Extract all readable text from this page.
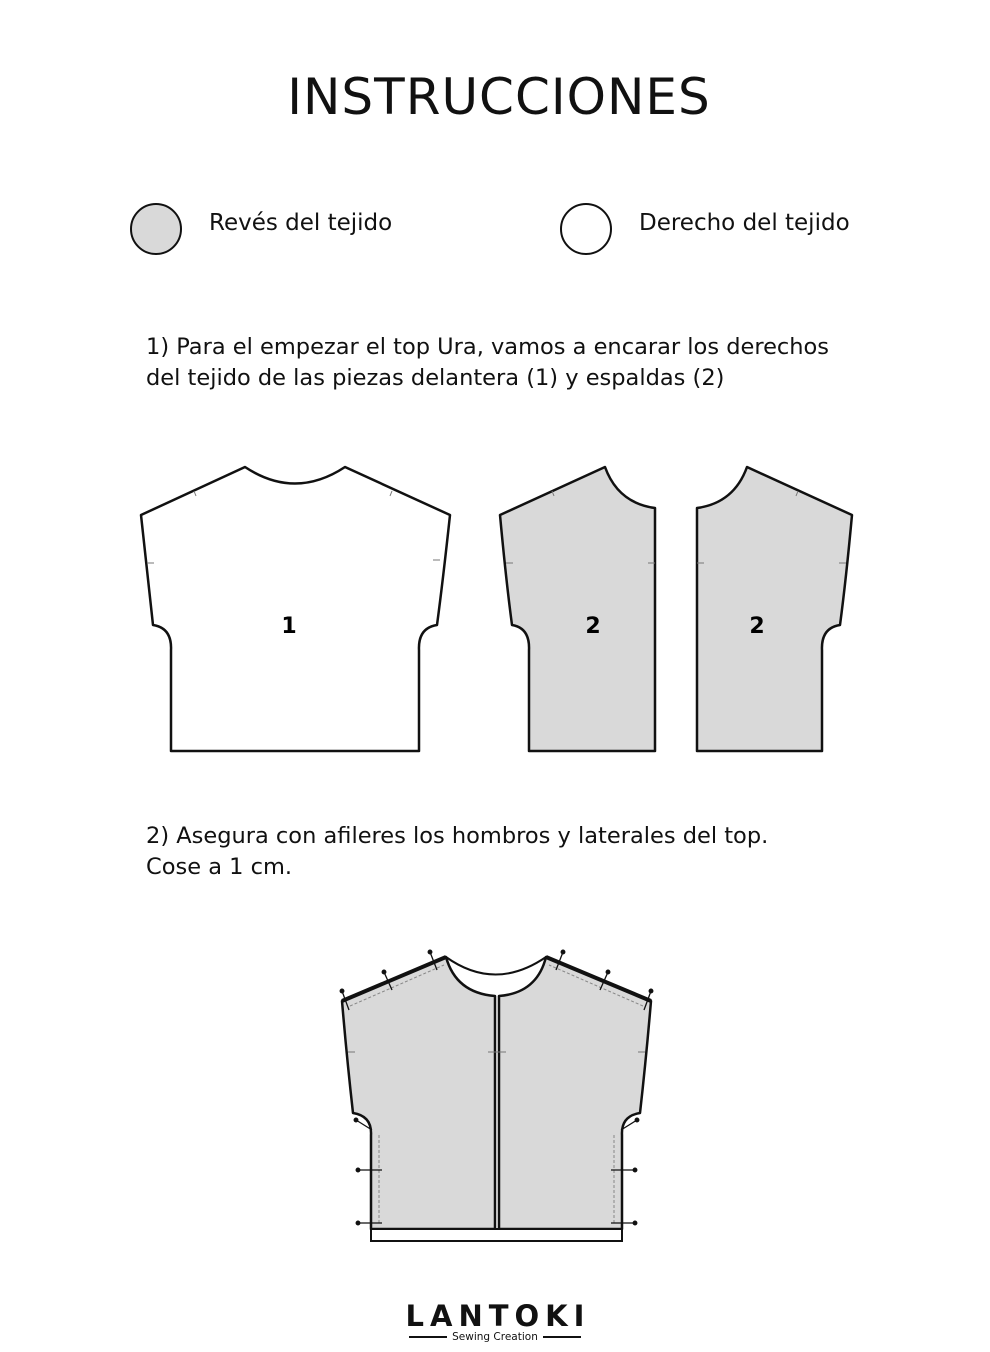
INSTRUCCIONES
Revés del tejido	Derecho del tejido

1) Para el empezar el top Ura, vamos a encarar los derechos

del tejido de las piezas delantera (1) y espaldas (2)

1	2	2

2) Asegura con afileres los hombros y laterales del top.

Cose a 1 cm.

LANTOKI
Sewing Creation
